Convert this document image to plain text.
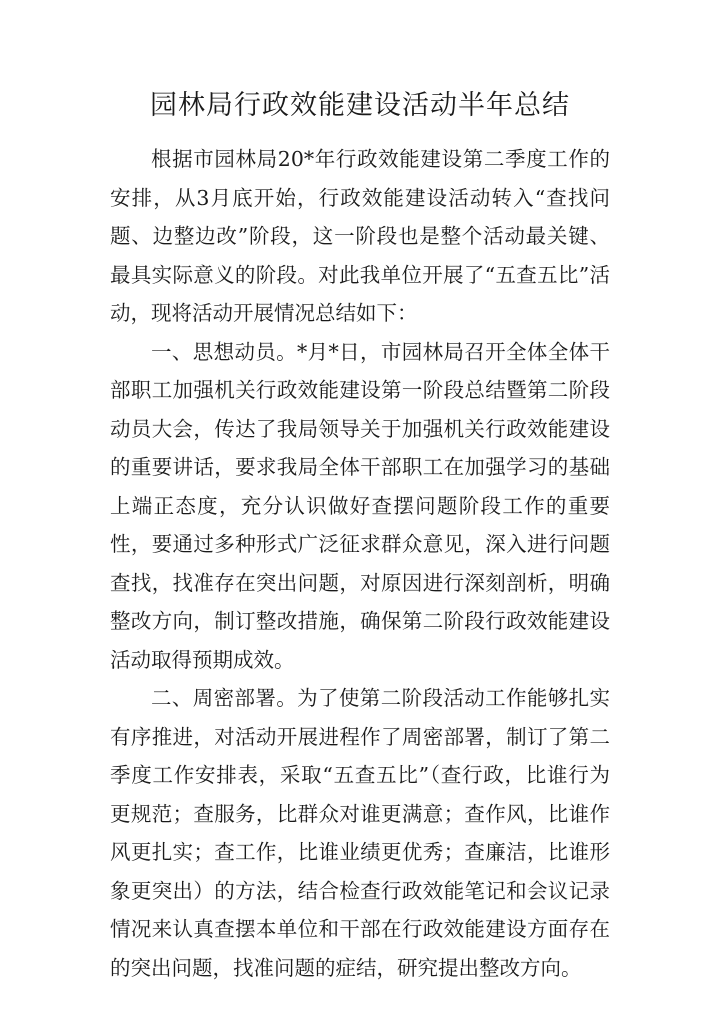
园林局行政效能建设活动半年总结

根据市园林局20*年行政效能建设第二季度工作的安排，从3月底开始，行政效能建设活动转入“查找问题、边整边改”阶段，这一阶段也是整个活动最关键、最具实际意义的阶段。对此我单位开展了“五查五比”活动，现将活动开展情况总结如下：

一、思想动员。*月*日，市园林局召开全体全体干部职工加强机关行政效能建设第一阶段总结暨第二阶段动员大会，传达了我局领导关于加强机关行政效能建设的重要讲话，要求我局全体干部职工在加强学习的基础上端正态度，充分认识做好查摆问题阶段工作的重要性，要通过多种形式广泛征求群众意见，深入进行问题查找，找准存在突出问题，对原因进行深刻剖析，明确整改方向，制订整改措施，确保第二阶段行政效能建设活动取得预期成效。

二、周密部署。为了使第二阶段活动工作能够扎实有序推进，对活动开展进程作了周密部署，制订了第二季度工作安排表，采取“五查五比”（查行政，比谁行为更规范；查服务，比群众对谁更满意；查作风，比谁作风更扎实；查工作，比谁业绩更优秀；查廉洁，比谁形象更突出）的方法，结合检查行政效能笔记和会议记录情况来认真查摆本单位和干部在行政效能建设方面存在的突出问题，找准问题的症结，研究提出整改方向。
